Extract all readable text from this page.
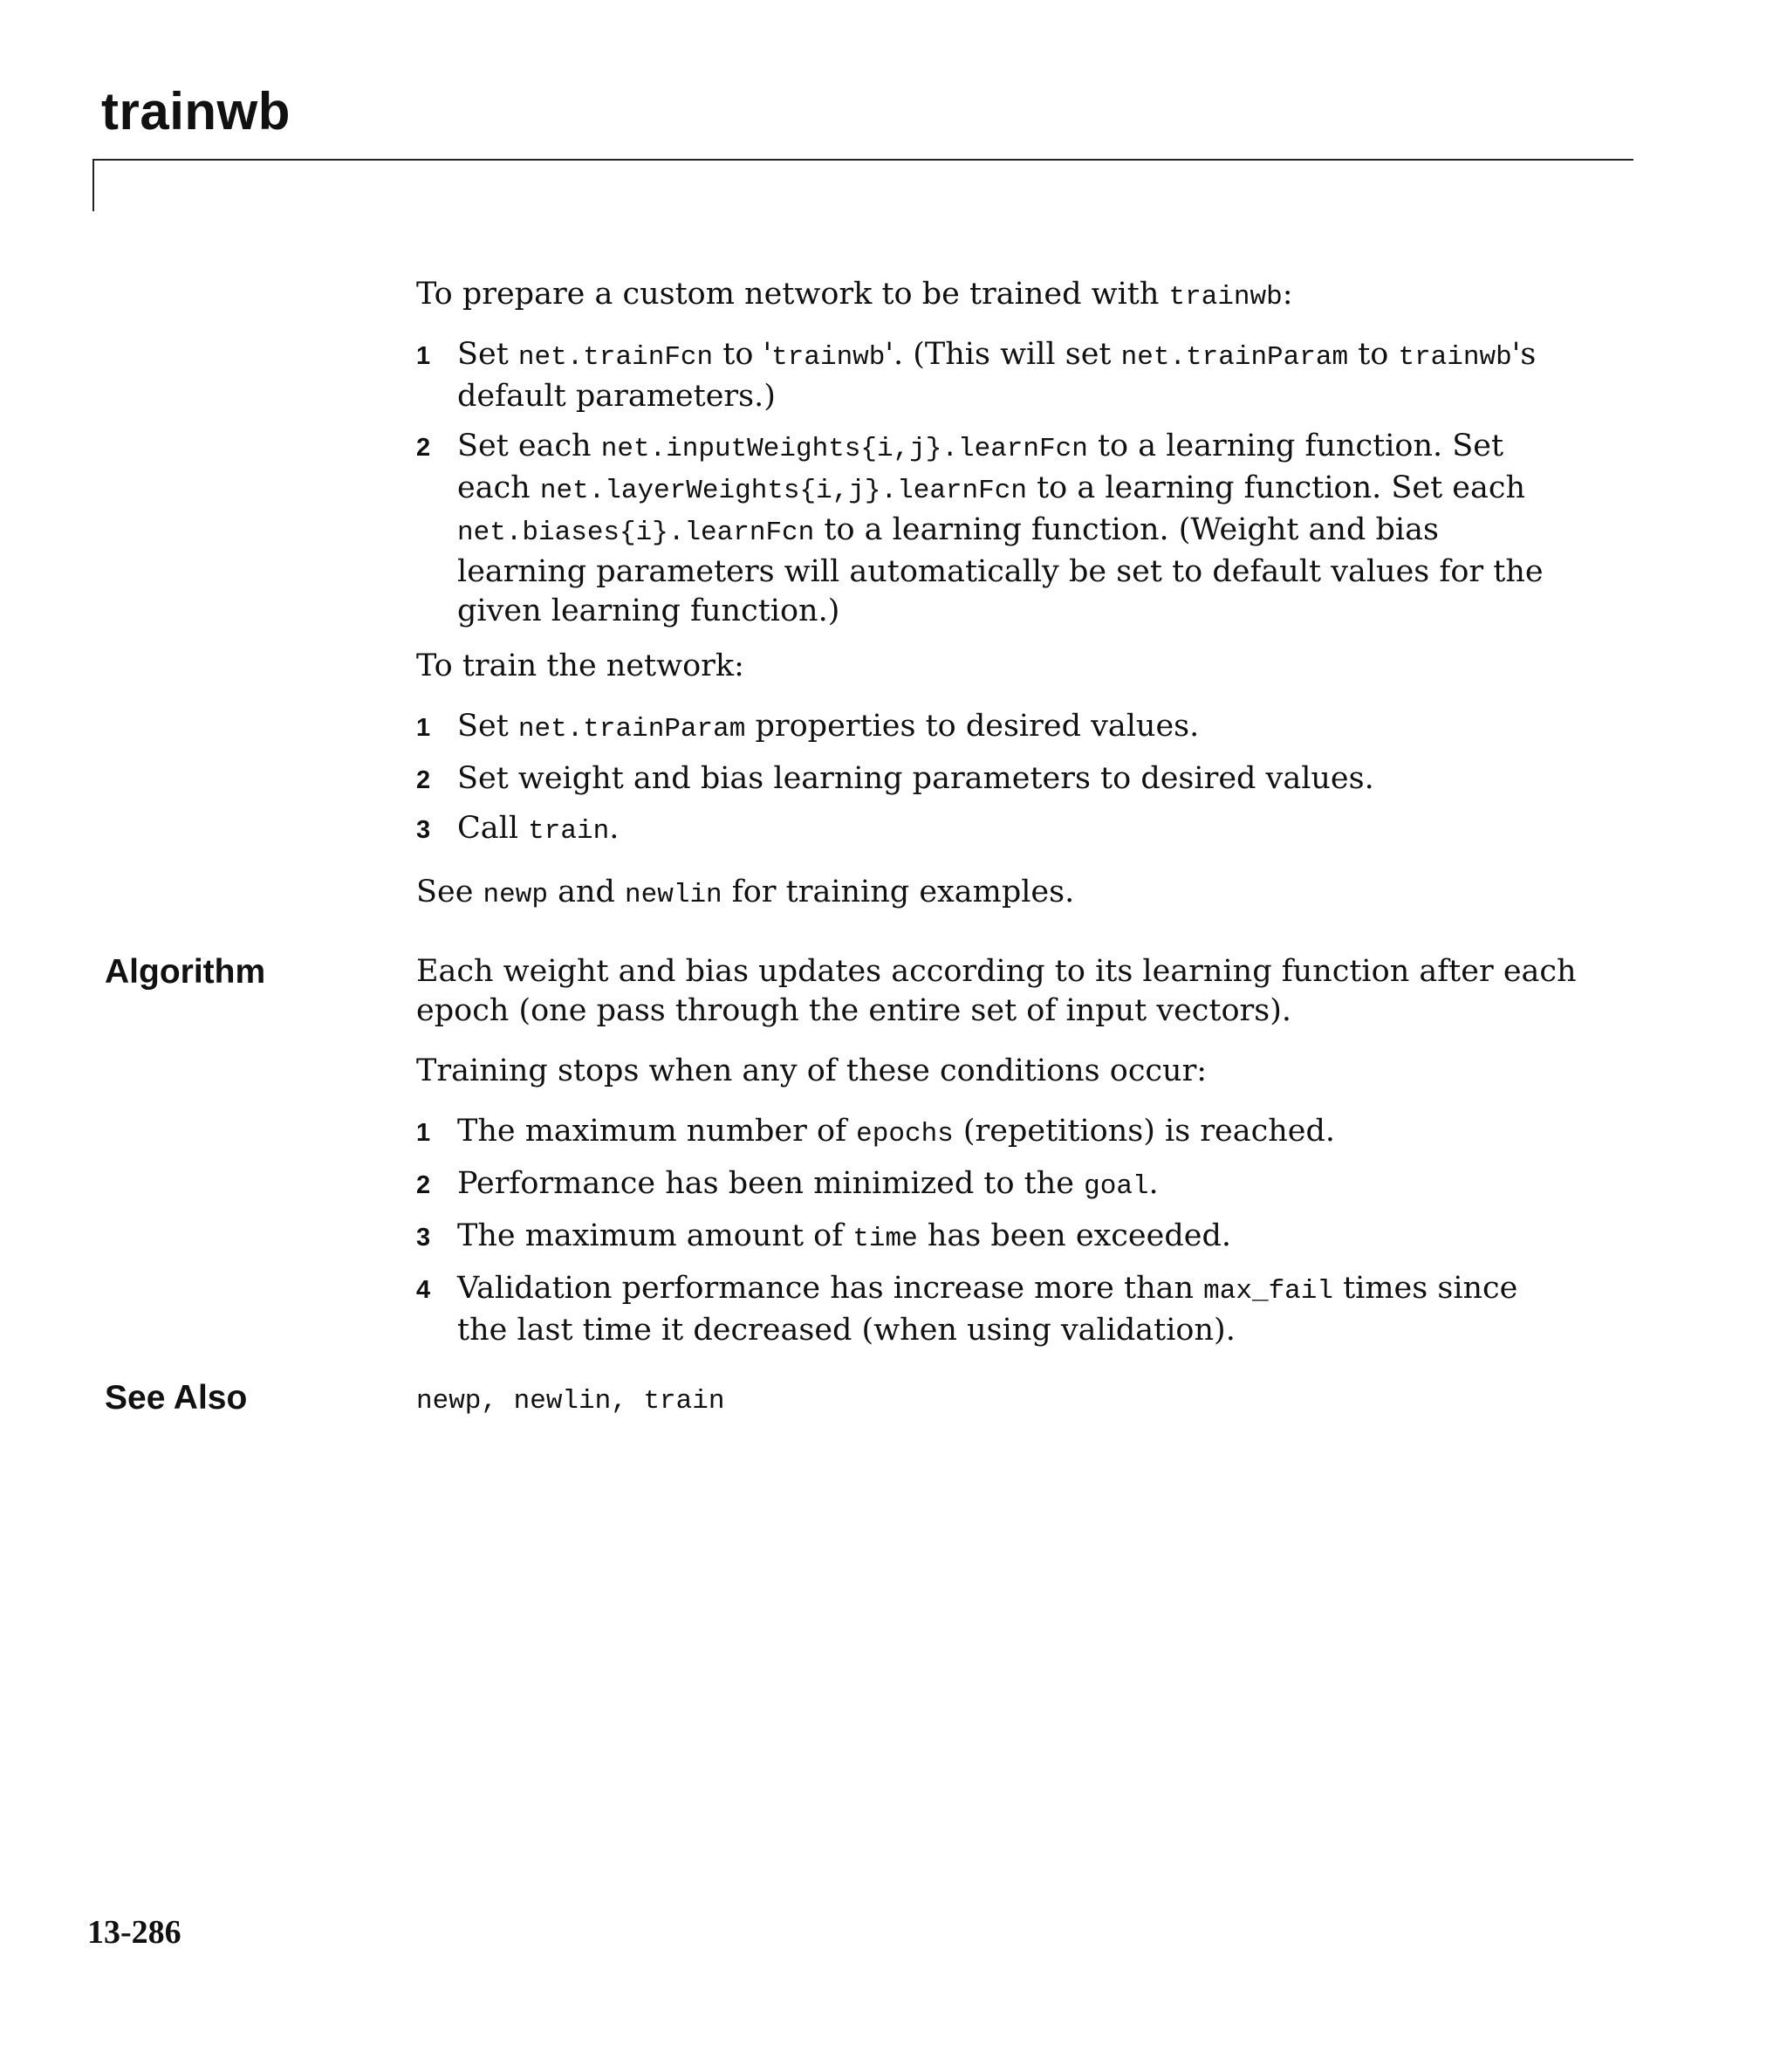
trainwb

To prepare a custom network to be trained with trainwb:

1 Set net.trainFcn to 'trainwb'. (This will set net.trainParam to trainwb's default parameters.)
2 Set each net.inputWeights{i,j}.learnFcn to a learning function. Set each net.layerWeights{i,j}.learnFcn to a learning function. Set each net.biases{i}.learnFcn to a learning function. (Weight and bias learning parameters will automatically be set to default values for the given learning function.)

To train the network:

1 Set net.trainParam properties to desired values.
2 Set weight and bias learning parameters to desired values.
3 Call train.

See newp and newlin for training examples.

Algorithm	Each weight and bias updates according to its learning function after each epoch (one pass through the entire set of input vectors).

Training stops when any of these conditions occur:

1 The maximum number of epochs (repetitions) is reached.
2 Performance has been minimized to the goal.
3 The maximum amount of time has been exceeded.
4 Validation performance has increase more than max_fail times since the last time it decreased (when using validation).
See Also	newp, newlin, train
13-286
